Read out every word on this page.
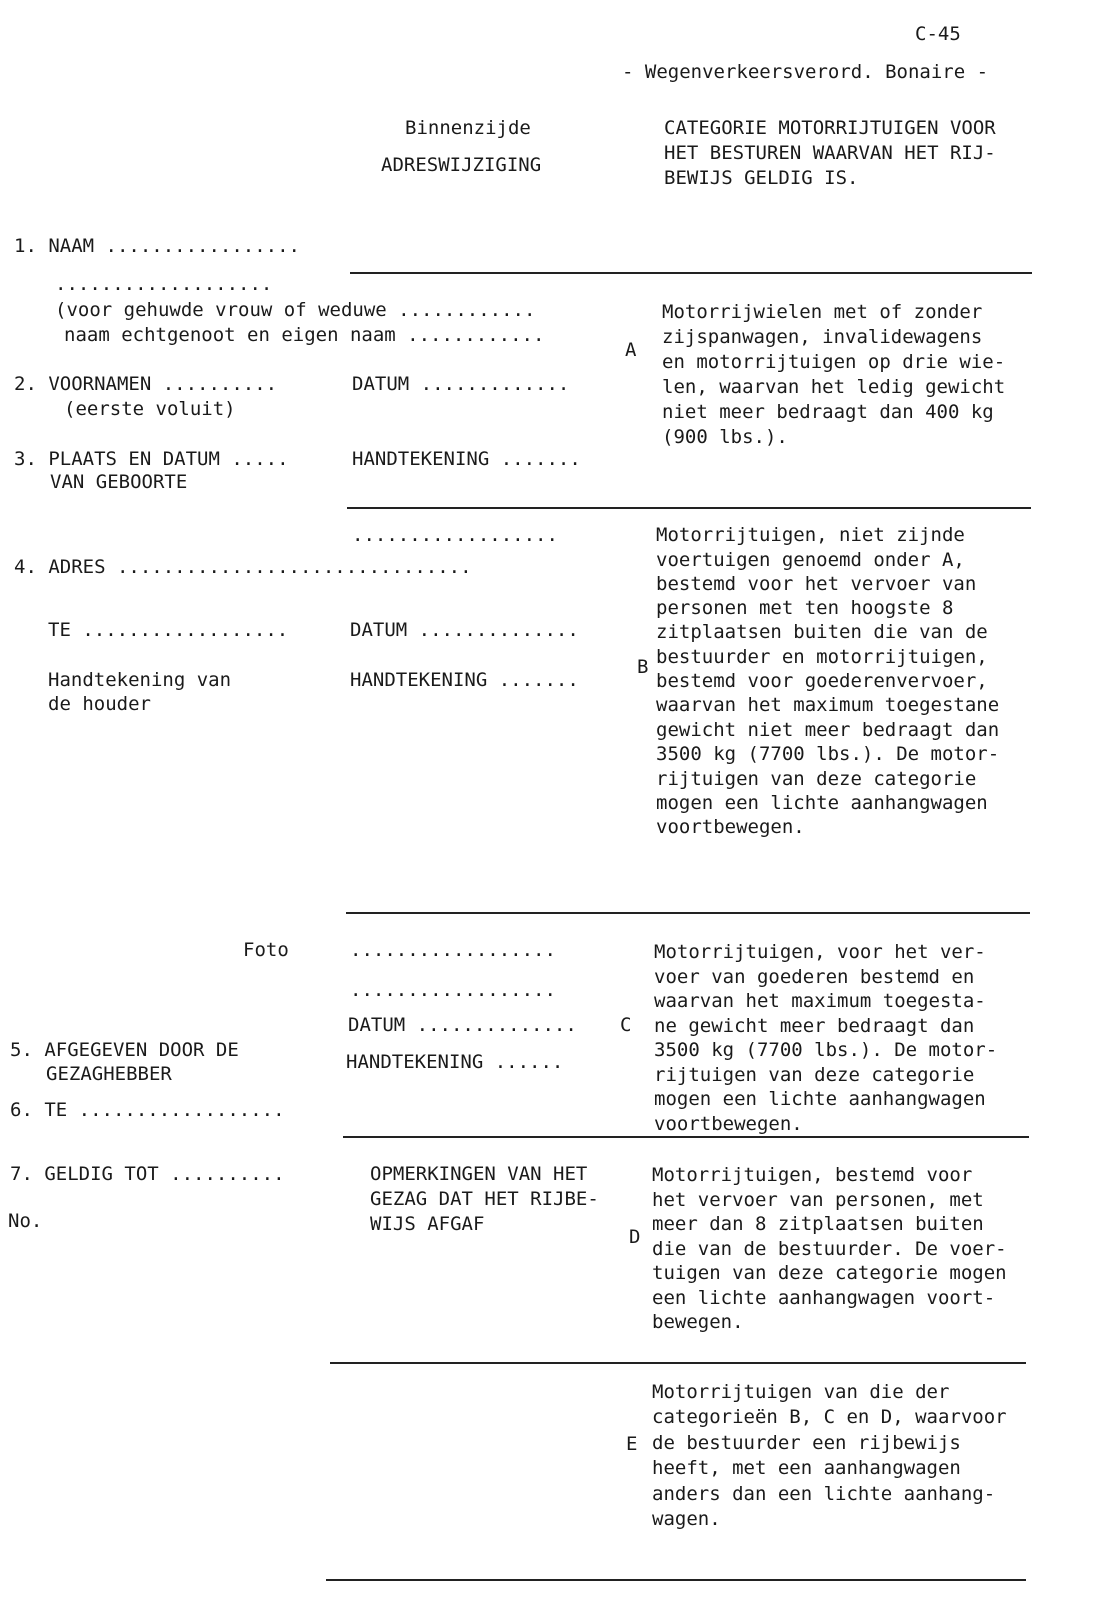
C-45
- Wegenverkeersverord. Bonaire -
Binnenzijde
ADRESWIJZIGING
CATEGORIE MOTORRIJTUIGEN VOOR
HET BESTUREN WAARVAN HET RIJ-
BEWIJS GELDIG IS.
1. NAAM .................
...................
(voor gehuwde vrouw of weduwe ............
naam echtgenoot en eigen naam ............
2. VOORNAMEN ..........
(eerste voluit)
3. PLAATS EN DATUM .....
VAN GEBOORTE
4. ADRES ...............................
TE ..................
Handtekening van
de houder
Foto
5. AFGEGEVEN DOOR DE
GEZAGHEBBER
6. TE ..................
7. GELDIG TOT ..........
No.
DATUM .............
HANDTEKENING .......
..................
DATUM ..............
HANDTEKENING .......
..................
..................
DATUM ..............
HANDTEKENING ......
OPMERKINGEN VAN HET
GEZAG DAT HET RIJBE-
WIJS AFGAF
A
B
C
D
E
Motorrijwielen met of zonder
zijspanwagen, invalidewagens
en motorrijtuigen op drie wie-
len, waarvan het ledig gewicht
niet meer bedraagt dan 400 kg
(900 lbs.).
Motorrijtuigen, niet zijnde
voertuigen genoemd onder A,
bestemd voor het vervoer van
personen met ten hoogste 8
zitplaatsen buiten die van de
bestuurder en motorrijtuigen,
bestemd voor goederenvervoer,
waarvan het maximum toegestane
gewicht niet meer bedraagt dan
3500 kg (7700 lbs.). De motor-
rijtuigen van deze categorie
mogen een lichte aanhangwagen
voortbewegen.
Motorrijtuigen, voor het ver-
voer van goederen bestemd en
waarvan het maximum toegesta-
ne gewicht meer bedraagt dan
3500 kg (7700 lbs.). De motor-
rijtuigen van deze categorie
mogen een lichte aanhangwagen
voortbewegen.
Motorrijtuigen, bestemd voor
het vervoer van personen, met
meer dan 8 zitplaatsen buiten
die van de bestuurder. De voer-
tuigen van deze categorie mogen
een lichte aanhangwagen voort-
bewegen.
Motorrijtuigen van die der
categorieën B, C en D, waarvoor
de bestuurder een rijbewijs
heeft, met een aanhangwagen
anders dan een lichte aanhang-
wagen.
